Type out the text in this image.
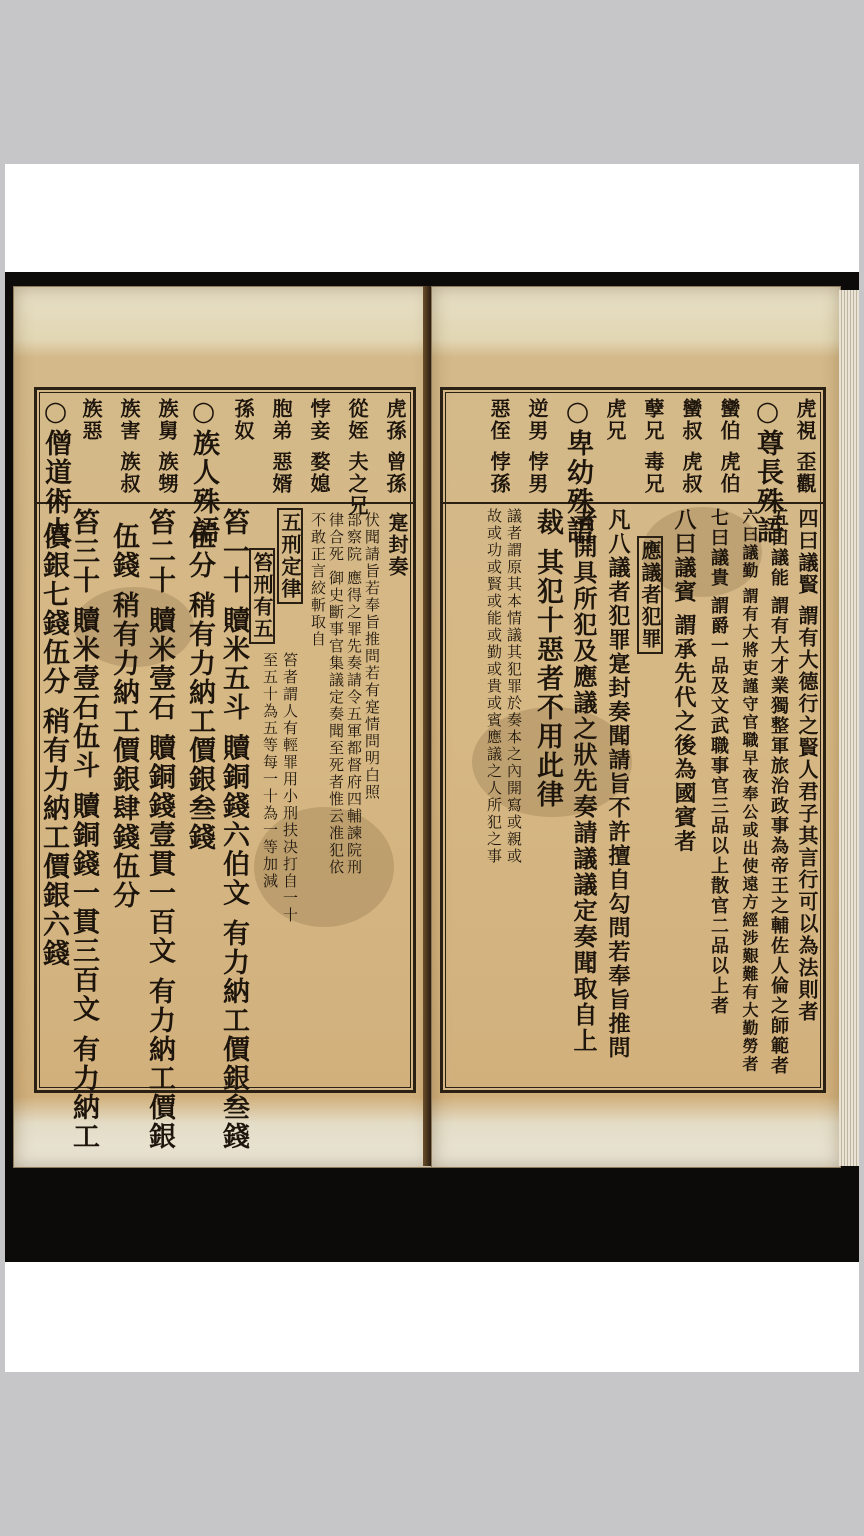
虎孫 曾孫
從姪 夫之兄
悖妾 婺媳
胞弟 惡婿
孫奴
○族人殊語
族舅 族甥
族害 族叔
族惡
○僧道術人	寔封奏
伏聞請旨若奉旨推問若有寔情問明白照
部察院 應得之罪先奏請令五軍都督府四輔諫院刑
律合死 御史斷事官集議定奏聞至死者惟云准犯依
不敢正言絞斬取自
五刑定律
笞刑有五
笞者謂人有輕罪用小刑扶决打自一十
至五十為五等每一十為一等加減
笞一十 贖米五斗 贖銅錢六伯文 有力納工價銀叁錢
伍分 稍有力納工價銀叁錢
笞二十 贖米壹石 贖銅錢壹貫一百文 有力納工價銀
伍錢 稍有力納工價銀肆錢伍分
笞三十 贖米壹石伍斗 贖銅錢一貫三百文 有力納工
價銀七錢伍分 稍有力納工價銀六錢
虎視 歪觀
○尊長殊語
蠻伯 虎伯
蠻叔 虎叔
孽兄 毒兄
虎兄
○卑幼殊語
逆男 悖男
惡侄 悖孫
四曰議賢 謂有大德行之賢人君子其言行可以為法則者
五曰議能 謂有大才業獨整軍旅治政事為帝王之輔佐人倫之師範者
六曰議勤 謂有大將吏謹守官職早夜奉公或出使遠方經涉艱難有大勤勞者
七曰議貴 謂爵一品及文武職事官三品以上散官二品以上者
八曰議賓 謂承先代之後為國賓者
應議者犯罪
凡八議者犯罪寔封奏聞請旨不許擅自勾問若奉旨推問
者開具所犯及應議之狀先奏請議議定奏聞取自上
裁 其犯十惡者不用此律
議者謂原其本情議其犯罪於奏本之內開寫或親或
故或功或賢或能或勤或貴或賓應議之人所犯之事
